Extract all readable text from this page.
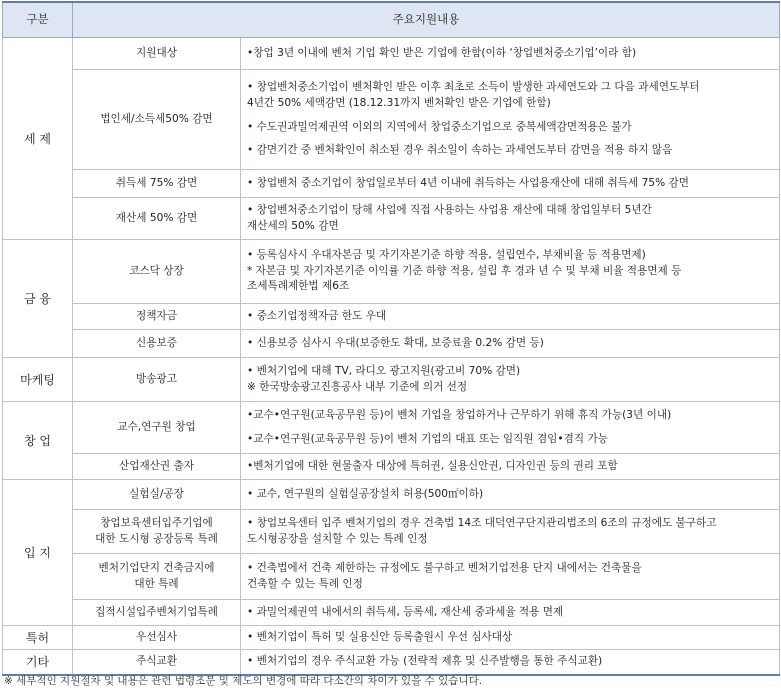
구분	주요지원내용	
세 제	지원대상	•창업 3년 이내에 벤처 기업 확인 받은 기업에 한함(이하 ‘창업벤처중소기업’이라 함)

	법인세/소득세50% 감면	• 창업벤처중소기업이 벤처확인 받은 이후 최초로 소득이 발생한 과세연도와 그 다음 과세연도부터
4년간 50% 세액감면 (18.12.31까지 벤처확인 받은 기업에 한함)
• 수도권과밀억제권역 이외의 지역에서 창업중소기업으로 중복세액감면적용은 불가
• 감면기간 중 벤처확인이 취소된 경우 취소일이 속하는 과세연도부터 감면을 적용 하지 않음

	취득세 75% 감면	• 창업벤처 중소기업이 창업일로부터 4년 이내에 취득하는 사업용재산에 대해 취득세 75% 감면

	재산세 50% 감면	• 창업벤처중소기업이 당해 사업에 직접 사용하는 사업용 재산에 대해 창업일부터 5년간
재산세의 50% 감면

금 융	코스닥 상장	• 등록심사시 우대자본금 및 자기자본기준 하향 적용, 설립연수, 부채비율 등 적용면제)
* 자본금 및 자기자본기준 이익률 기준 하향 적용, 설립 후 경과 년 수 및 부채 비율 적용면제 등
조세특례제한법 제6조

	정책자금	• 중소기업정책자금 한도 우대

	신용보증	• 신용보증 심사시 우대(보증한도 확대, 보증료율 0.2% 감면 등)

마케팅	방송광고	• 벤처기업에 대해 TV, 라디오 광고지원(광고비 70% 감면)
※ 한국방송광고진흥공사 내부 기준에 의거 선정

창 업	교수,연구원 창업	•교수•연구원(교육공무원 등)이 벤처 기업을 창업하거나 근무하기 위해 휴직 가능(3년 이내)
•교수•연구원(교육공무원 등)이 벤처 기업의 대표 또는 임직원 겸임•겸직 가능

	산업재산권 출자	•벤처기업에 대한 현물출자 대상에 특허권, 실용신안권, 디자인권 등의 권리 포함

입 지	실험실/공장	• 교수, 연구원의 실험실공장설치 허용(500㎡이하)

	창업보육센터입주기업에
대한 도시형 공장등록 특례	• 창업보육센터 입주 벤처기업의 경우 건축법 14조 대덕연구단지관리법조의 6조의 규정에도 불구하고
도시형공장을 설치할 수 있는 특례 인정

	벤처기업단지 건축금지에
대한 특례	• 건축법에서 건축 제한하는 규정에도 불구하고 벤처기업전용 단지 내에서는 건축물을
건축할 수 있는 특례 인정

	집적시설입주벤처기업특례	• 과밀억제권역 내에서의 취득세, 등록세, 재산세 중과세율 적용 면제

특허	우선심사	• 벤처기업이 특허 및 실용신안 등록출원시 우선 심사대상

기타	주식교환	• 벤처기업의 경우 주식교환 가능 (전략적 제휴 및 신주발행을 통한 주식교환)
※ 세부적인 지원절차 및 내용은 관련 법령조문 및 제도의 변경에 따라 다소간의 차이가 있을 수 있습니다.
